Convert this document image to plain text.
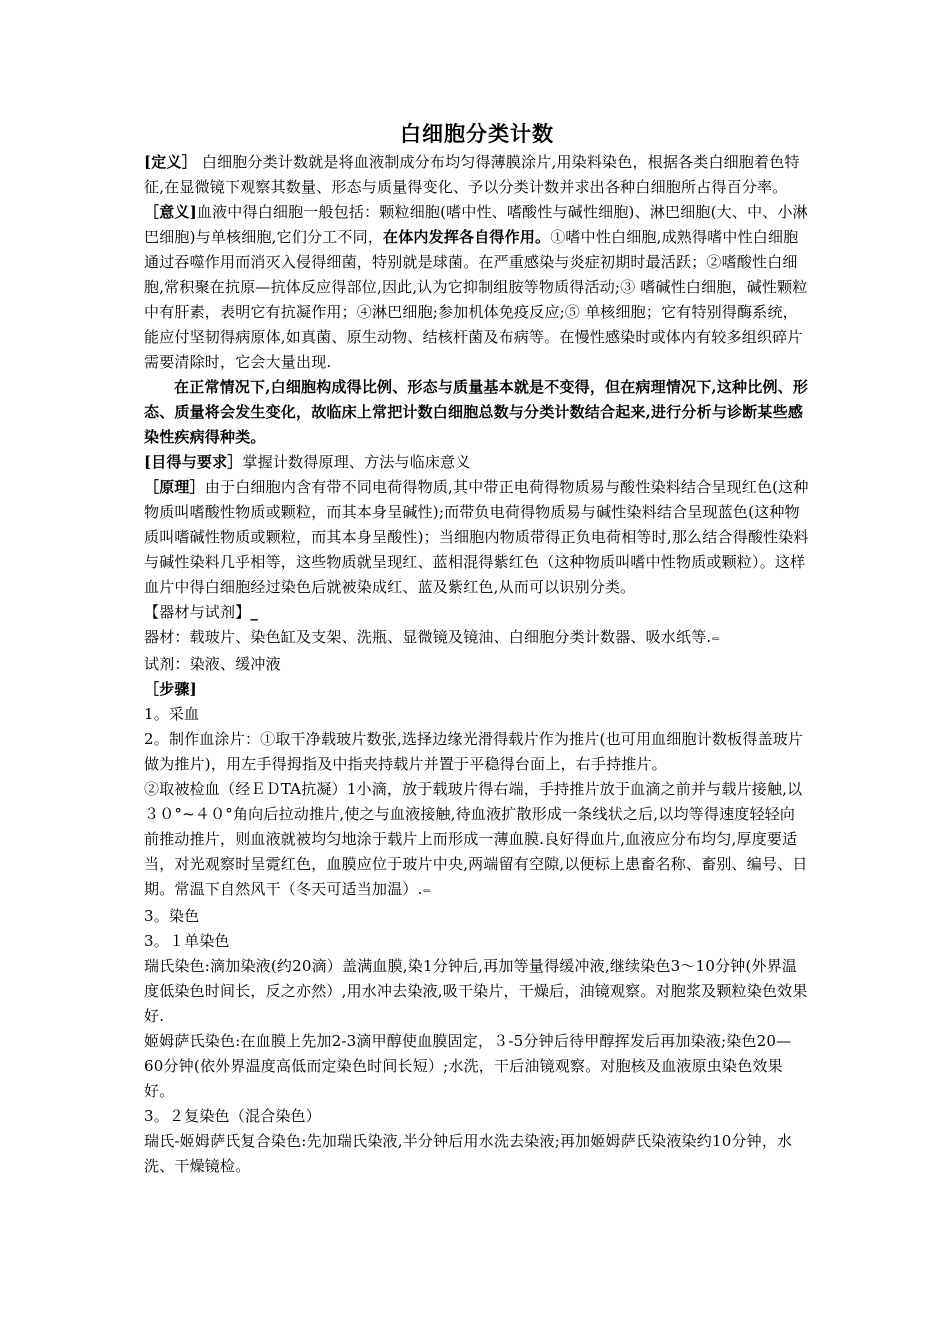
白细胞分类计数

[定义］ 白细胞分类计数就是将血液制成分布均匀得薄膜涂片,用染料染色，根据各类白细胞着色特征,在显微镜下观察其数量、形态与质量得变化、予以分类计数并求出各种白细胞所占得百分率。

［意义]血液中得白细胞一般包括：颗粒细胞(嗜中性、嗜酸性与碱性细胞)、淋巴细胞(大、中、小淋巴细胞)与单核细胞,它们分工不同，在体内发挥各自得作用。①嗜中性白细胞,成熟得嗜中性白细胞通过吞噬作用而消灭入侵得细菌，特别就是球菌。在严重感染与炎症初期时最活跃；②嗜酸性白细胞,常积聚在抗原—抗体反应得部位,因此,认为它抑制组胺等物质得活动;③ 嗜碱性白细胞，碱性颗粒中有肝素，表明它有抗凝作用；④淋巴细胞;参加机体免疫反应;⑤ 单核细胞；它有特别得酶系统，能应付坚韧得病原体,如真菌、原生动物、结核杆菌及布病等。在慢性感染时或体内有较多组织碎片需要清除时，它会大量出现.

在正常情况下,白细胞构成得比例、形态与质量基本就是不变得，但在病理情况下,这种比例、形态、质量将会发生变化，故临床上常把计数白细胞总数与分类计数结合起来,进行分析与诊断某些感染性疾病得种类。

[目得与要求］掌握计数得原理、方法与临床意义

［原理］由于白细胞内含有带不同电荷得物质,其中带正电荷得物质易与酸性染料结合呈现红色(这种物质叫嗜酸性物质或颗粒，而其本身呈碱性);而带负电荷得物质易与碱性染料结合呈现蓝色(这种物质叫嗜碱性物质或颗粒，而其本身呈酸性)；当细胞内物质带得正负电荷相等时,那么结合得酸性染料与碱性染料几乎相等，这些物质就呈现红、蓝相混得紫红色（这种物质叫嗜中性物质或颗粒）。这样血片中得白细胞经过染色后就被染成红、蓝及紫红色,从而可以识别分类。

【器材与试剂】_

器材：载玻片、染色缸及支架、洗瓶、显微镜及镜油、白细胞分类计数器、吸水纸等.⇐

试剂：染液、缓冲液

［步骤]

1。采血

2。制作血涂片：①取干净载玻片数张,选择边缘光滑得载片作为推片(也可用血细胞计数板得盖玻片做为推片)，用左手得拇指及中指夹持载片并置于平稳得台面上，右手持推片。

②取被检血（经ＥＤTA抗凝）1小滴，放于载玻片得右端，手持推片放于血滴之前并与载片接触,以３０°~４０°角向后拉动推片,使之与血液接触,待血液扩散形成一条线状之后,以均等得速度轻轻向前推动推片，则血液就被均匀地涂于载片上而形成一薄血膜.良好得血片,血液应分布均匀,厚度要适当，对光观察时呈霓红色，血膜应位于玻片中央,两端留有空隙,以便标上患畜名称、畜别、编号、日期。常温下自然风干（冬天可适当加温）.⇐

3。染色

3。１单染色

瑞氏染色:滴加染液(约20滴）盖满血膜,染1分钟后,再加等量得缓冲液,继续染色3～10分钟(外界温度低染色时间长，反之亦然）,用水冲去染液,吸干染片，干燥后，油镜观察。对胞浆及颗粒染色效果好.

姬姆萨氏染色:在血膜上先加2-3滴甲醇使血膜固定，３-5分钟后待甲醇挥发后再加染液;染色20—60分钟(依外界温度高低而定染色时间长短）;水洗，干后油镜观察。对胞核及血液原虫染色效果好。

3。２复染色（混合染色）

瑞氏-姬姆萨氏复合染色:先加瑞氏染液,半分钟后用水洗去染液;再加姬姆萨氏染液染约10分钟，水洗、干燥镜检。
